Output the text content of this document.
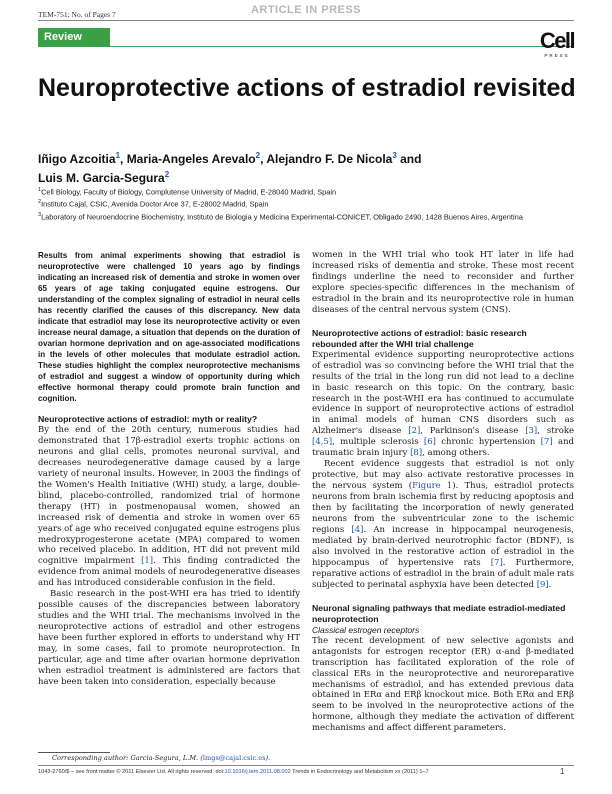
TEM-751; No. of Pages 7	ARTICLE IN PRESS
Review	Cell
PRESS
Neuroprotective actions of estradiol revisited
Iñigo Azcoitia$^1$, Maria-Angeles Arevalo$^2$, Alejandro F. De Nicola$^3$ and
Luis M. Garcia-Segura$^2$
$^1$Cell Biology, Faculty of Biology, Complutense University of Madrid, E-28040 Madrid, Spain
$^2$Instituto Cajal, CSIC, Avenida Doctor Arce 37, E-28002 Madrid, Spain
$^3$Laboratory of Neuroendocrine Biochemistry, Instituto de Biologia y Medicina Experimental-CONICET, Obligado 2490, 1428 Buenos Aires, Argentina
Results from animal experiments showing that estradiol is neuroprotective were challenged 10 years ago by findings indicating an increased risk of dementia and stroke in women over 65 years of age taking conjugated equine estrogens. Our understanding of the complex signaling of estradiol in neural cells has recently clarified the causes of this discrepancy. New data indicate that estradiol may lose its neuroprotective activity or even increase neural damage, a situation that depends on the duration of ovarian hormone deprivation and on age-associated modifications in the levels of other molecules that modulate estradiol action. These studies highlight the complex neuroprotective mechanisms of estradiol and suggest a window of opportunity during which effective hormonal therapy could promote brain function and cognition.
Neuroprotective actions of estradiol: myth or reality?

By the end of the 20th century, numerous studies had demonstrated that 17β-estradiol exerts trophic actions on neurons and glial cells, promotes neuronal survival, and decreases neurodegenerative damage caused by a large variety of neuronal insults. However, in 2003 the findings of the Women's Health Initiative (WHI) study, a large, double-blind, placebo-controlled, randomized trial of hormone therapy (HT) in postmenopausal women, showed an increased risk of dementia and stroke in women over 65 years of age who received conjugated equine estrogens plus medroxyprogesterone acetate (MPA) compared to women who received placebo. In addition, HT did not prevent mild cognitive impairment [1]. This finding contradicted the evidence from animal models of neurodegenerative diseases and has introduced considerable confusion in the field.

Basic research in the post-WHI era has tried to identify possible causes of the discrepancies between laboratory studies and the WHI trial. The mechanisms involved in the neuroprotective actions of estradiol and other estrogens have been further explored in efforts to understand why HT may, in some cases, fail to promote neuroprotection. In particular, age and time after ovarian hormone deprivation when estradiol treatment is administered are factors that have been taken into consideration, especially because

women in the WHI trial who took HT later in life had increased risks of dementia and stroke. These most recent findings underline the need to reconsider and further explore species-specific differences in the mechanism of estradiol in the brain and its neuroprotective role in human diseases of the central nervous system (CNS).

Neuroprotective actions of estradiol: basic research rebounded after the WHI trial challenge

Experimental evidence supporting neuroprotective actions of estradiol was so convincing before the WHI trial that the results of the trial in the long run did not lead to a decline in basic research on this topic. On the contrary, basic research in the post-WHI era has continued to accumulate evidence in support of neuroprotective actions of estradiol in animal models of human CNS disorders such as Alzheimer's disease [2], Parkinson's disease [3], stroke [4,5], multiple sclerosis [6] chronic hypertension [7] and traumatic brain injury [8], among others.

Recent evidence suggests that estradiol is not only protective, but may also activate restorative processes in the nervous system (Figure 1). Thus, estradiol protects neurons from brain ischemia first by reducing apoptosis and then by facilitating the incorporation of newly generated neurons from the subventricular zone to the ischemic regions [4]. An increase in hippocampal neurogenesis, mediated by brain-derived neurotrophic factor (BDNF), is also involved in the restorative action of estradiol in the hippocampus of hypertensive rats [7]. Furthermore, reparative actions of estradiol in the brain of adult male rats subjected to perinatal asphyxia have been detected [9].

Neuronal signaling pathways that mediate estradiol-mediated neuroprotection
Classical estrogen receptors

The recent development of new selective agonists and antagonists for estrogen receptor (ER) α-and β-mediated transcription has facilitated exploration of the role of classical ERs in the neuroprotective and neuroreparative mechanisms of estradiol, and has extended previous data obtained in ERα and ERβ knockout mice. Both ERα and ERβ seem to be involved in the neuroprotective actions of the hormone, although they mediate the activation of different mechanisms and affect different parameters.

Corresponding author: Garcia-Segura, L.M. (lmgs@cajal.csic.es).
1043-2760/$ – see front matter © 2011 Elsevier Ltd. All rights reserved. doi:10.1016/j.tem.2011.08.002 Trends in Endocrinology and Metabolism xx (2011) 1–7	1
